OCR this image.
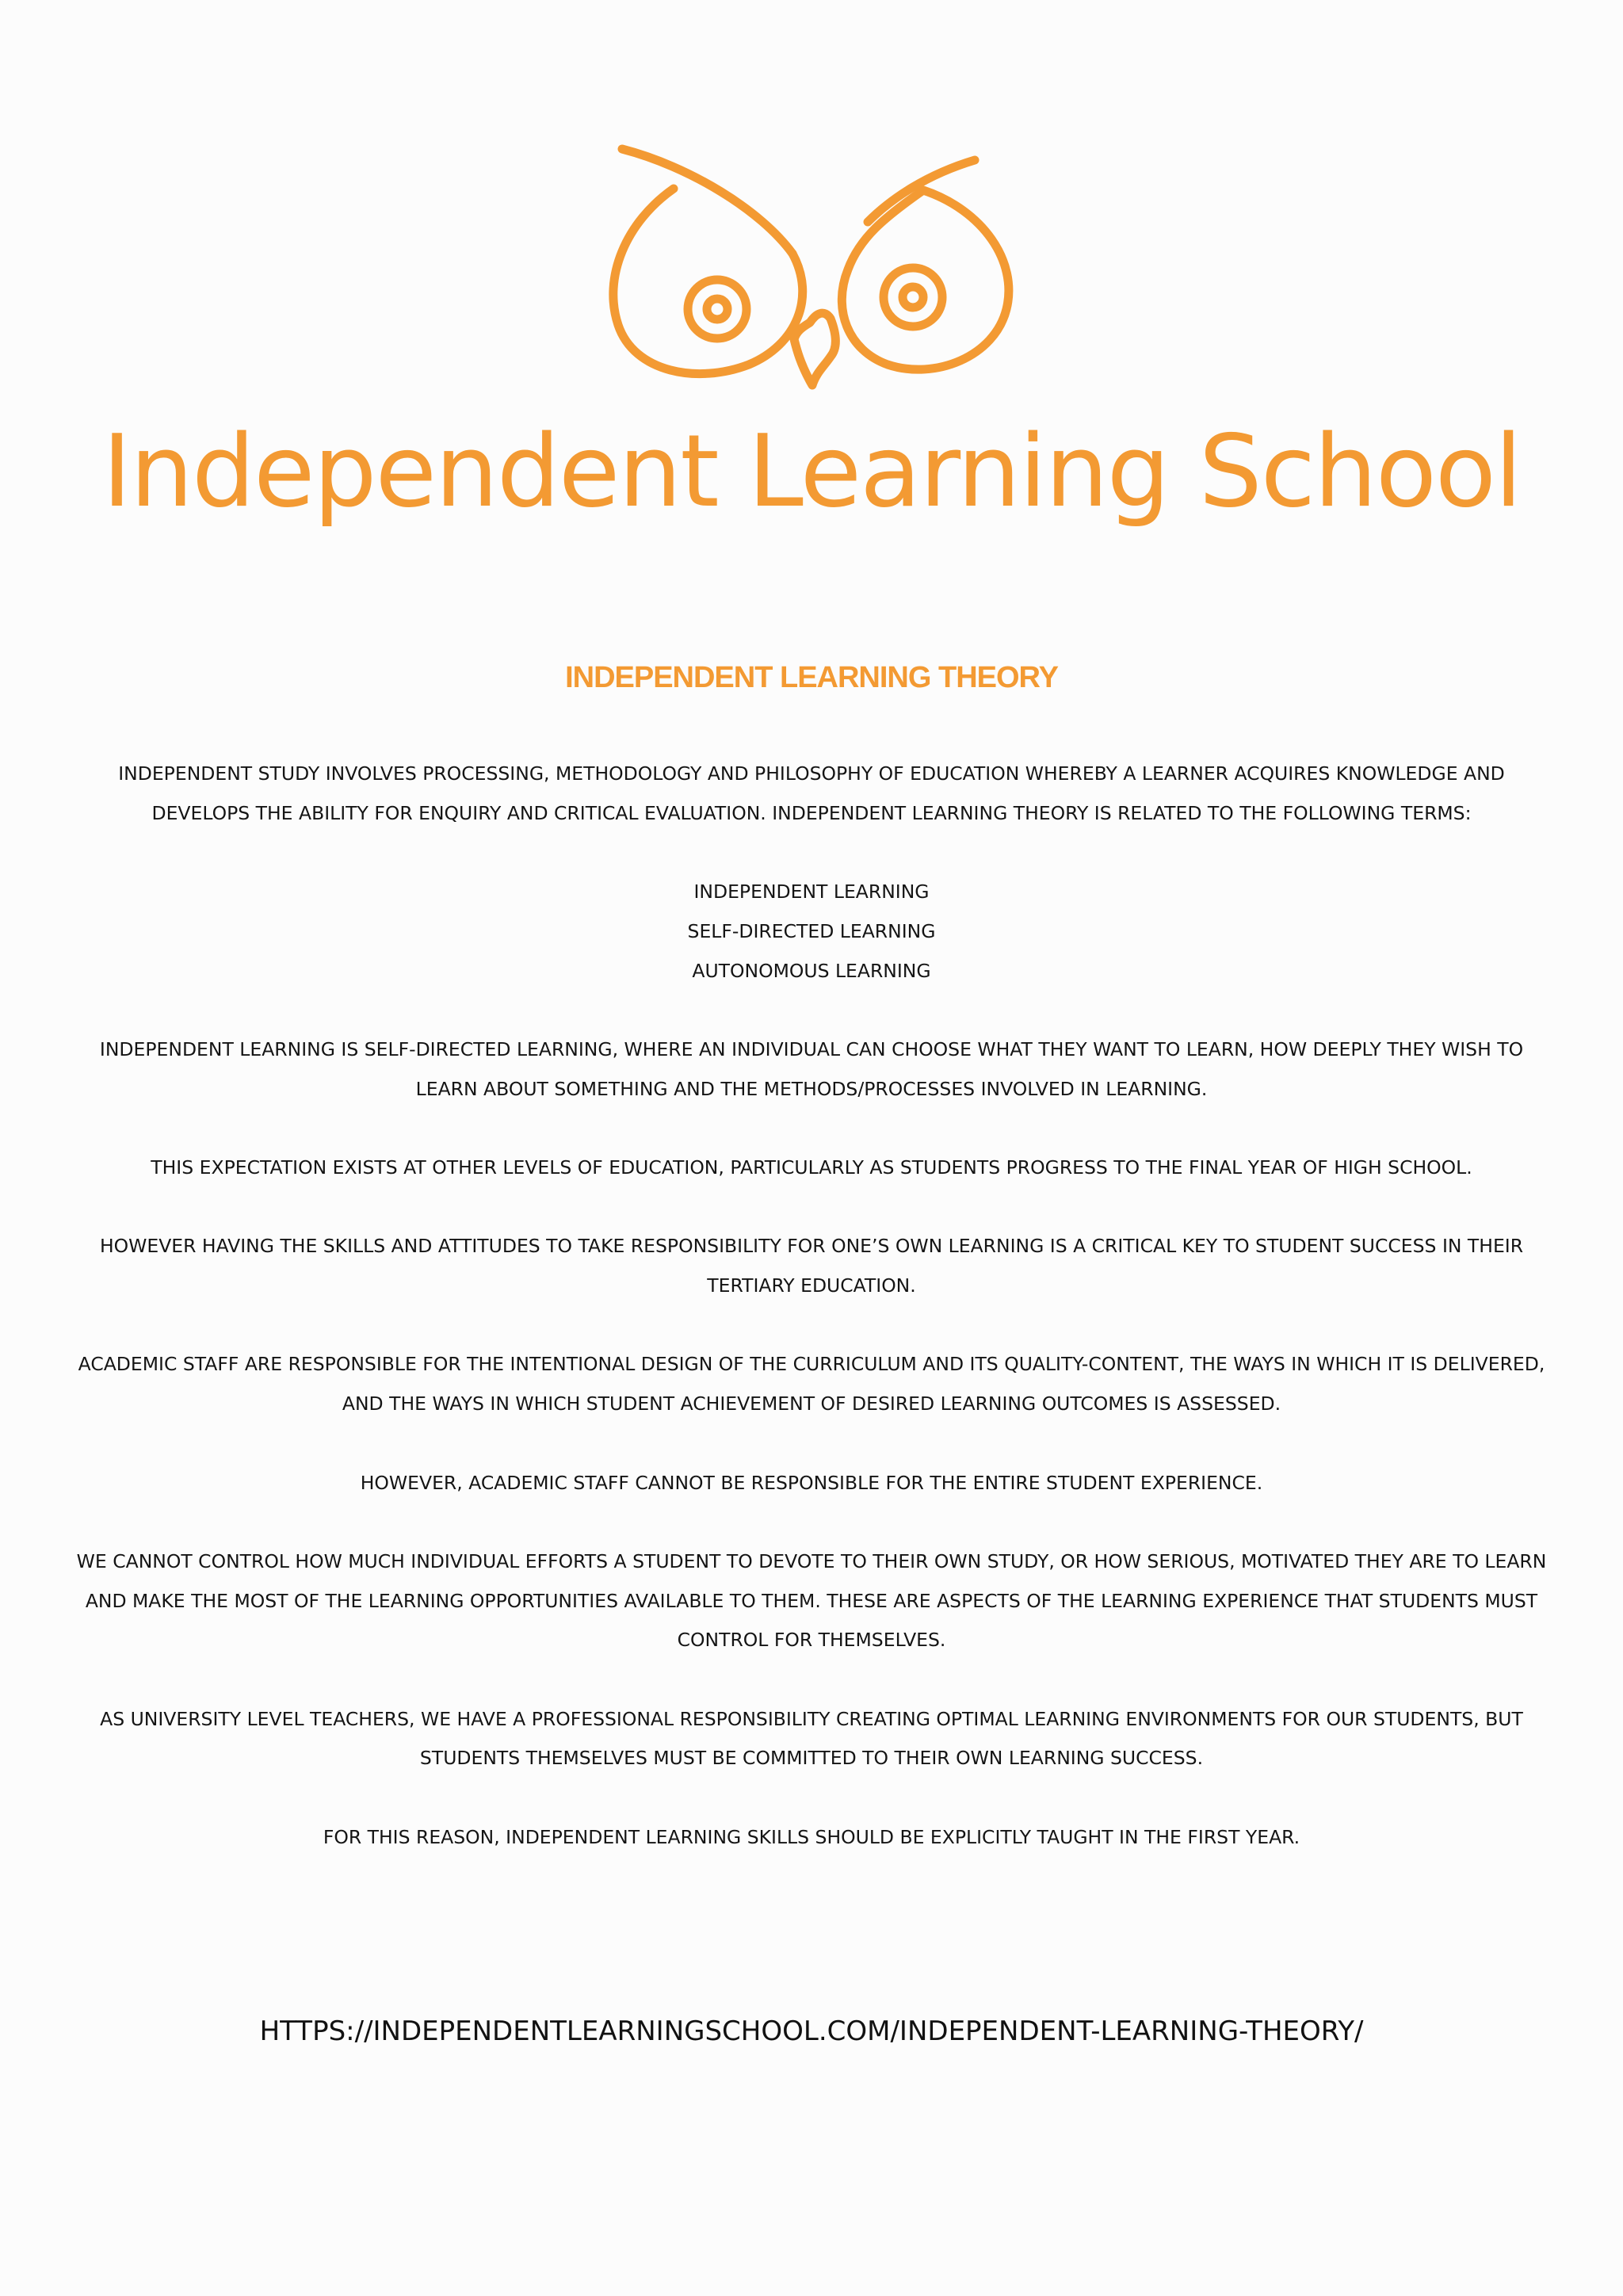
Independent Learning School
INDEPENDENT LEARNING THEORY

INDEPENDENT STUDY INVOLVES PROCESSING, METHODOLOGY AND PHILOSOPHY OF EDUCATION WHEREBY A LEARNER ACQUIRES KNOWLEDGE AND DEVELOPS THE ABILITY FOR ENQUIRY AND CRITICAL EVALUATION. INDEPENDENT LEARNING THEORY IS RELATED TO THE FOLLOWING TERMS:

INDEPENDENT LEARNING

SELF-DIRECTED LEARNING

AUTONOMOUS LEARNING

INDEPENDENT LEARNING IS SELF-DIRECTED LEARNING, WHERE AN INDIVIDUAL CAN CHOOSE WHAT THEY WANT TO LEARN, HOW DEEPLY THEY WISH TO LEARN ABOUT SOMETHING AND THE METHODS/PROCESSES INVOLVED IN LEARNING.

THIS EXPECTATION EXISTS AT OTHER LEVELS OF EDUCATION, PARTICULARLY AS STUDENTS PROGRESS TO THE FINAL YEAR OF HIGH SCHOOL.

HOWEVER HAVING THE SKILLS AND ATTITUDES TO TAKE RESPONSIBILITY FOR ONE’S OWN LEARNING IS A CRITICAL KEY TO STUDENT SUCCESS IN THEIR TERTIARY EDUCATION.

ACADEMIC STAFF ARE RESPONSIBLE FOR THE INTENTIONAL DESIGN OF THE CURRICULUM AND ITS QUALITY-CONTENT, THE WAYS IN WHICH IT IS DELIVERED, AND THE WAYS IN WHICH STUDENT ACHIEVEMENT OF DESIRED LEARNING OUTCOMES IS ASSESSED.

HOWEVER, ACADEMIC STAFF CANNOT BE RESPONSIBLE FOR THE ENTIRE STUDENT EXPERIENCE.

WE CANNOT CONTROL HOW MUCH INDIVIDUAL EFFORTS A STUDENT TO DEVOTE TO THEIR OWN STUDY, OR HOW SERIOUS, MOTIVATED THEY ARE TO LEARN AND MAKE THE MOST OF THE LEARNING OPPORTUNITIES AVAILABLE TO THEM. THESE ARE ASPECTS OF THE LEARNING EXPERIENCE THAT STUDENTS MUST CONTROL FOR THEMSELVES.

AS UNIVERSITY LEVEL TEACHERS, WE HAVE A PROFESSIONAL RESPONSIBILITY CREATING OPTIMAL LEARNING ENVIRONMENTS FOR OUR STUDENTS, BUT STUDENTS THEMSELVES MUST BE COMMITTED TO THEIR OWN LEARNING SUCCESS.

FOR THIS REASON, INDEPENDENT LEARNING SKILLS SHOULD BE EXPLICITLY TAUGHT IN THE FIRST YEAR.

HTTPS://INDEPENDENTLEARNINGSCHOOL.COM/INDEPENDENT-LEARNING-THEORY/
